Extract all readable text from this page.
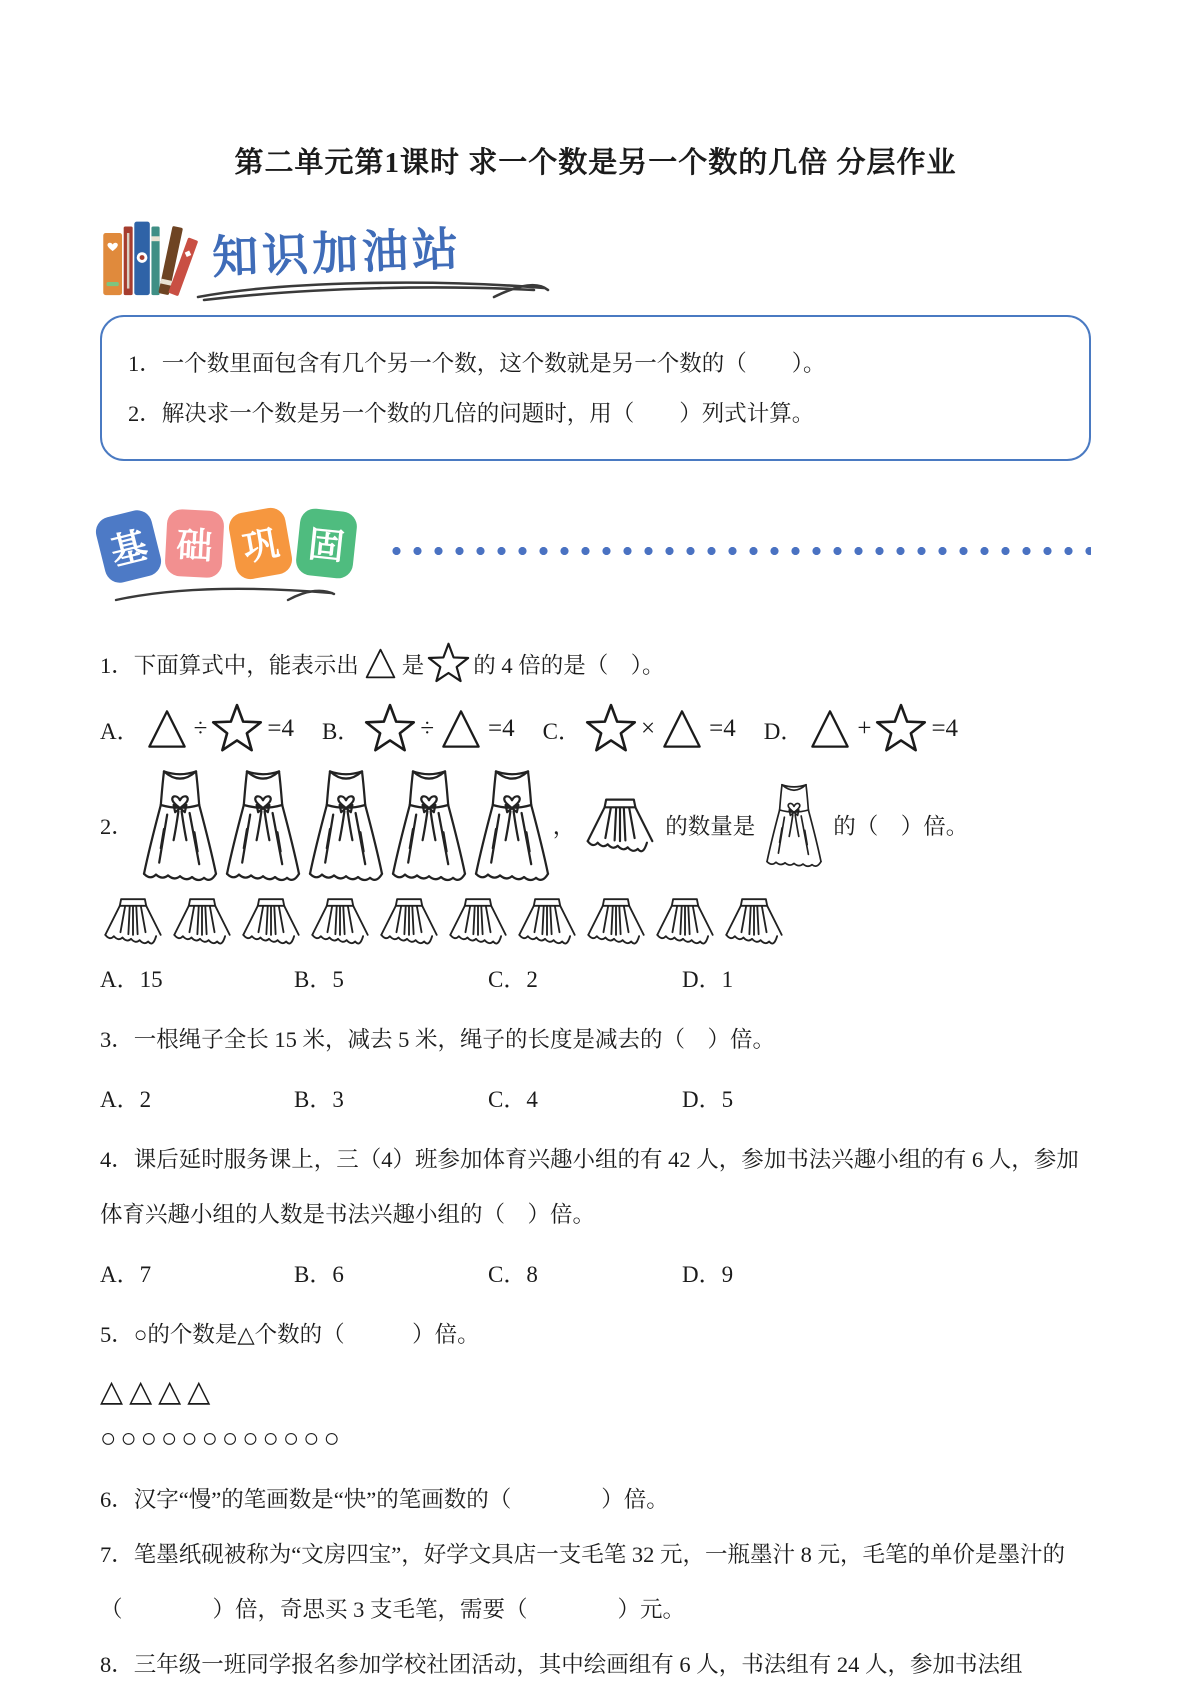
第二单元第1课时 求一个数是另一个数的几倍 分层作业
知识加油站
1．一个数里面包含有几个另一个数，这个数就是另一个数的（　　）。
2．解决求一个数是另一个数的几倍的问题时，用（　　）列式计算。
基 础 巩 固
1．下面算式中，能表示出 是 的 4 倍的是（　）。
A． ÷ =4 B． ÷ =4 C． × =4 D． + =4
2．	，	的数量是	的（　）倍。
A．15	B．5	C．2	D．1
3．一根绳子全长 15 米，减去 5 米，绳子的长度是减去的（　）倍。
A．2	B．3	C．4	D．5
4．课后延时服务课上，三（4）班参加体育兴趣小组的有 42 人，参加书法兴趣小组的有 6 人，参加体育兴趣小组的人数是书法兴趣小组的（　）倍。
A．7	B．6	C．8	D．9
5．○的个数是△个数的（　　　）倍。
△△△△
○○○○○○○○○○○○
6．汉字“慢”的笔画数是“快”的笔画数的（　　　　）倍。
7．笔墨纸砚被称为“文房四宝”，好学文具店一支毛笔 32 元，一瓶墨汁 8 元，毛笔的单价是墨汁的（　　　　）倍，奇思买 3 支毛笔，需要（　　　　）元。
8．三年级一班同学报名参加学校社团活动，其中绘画组有 6 人，书法组有 24 人，参加书法组
